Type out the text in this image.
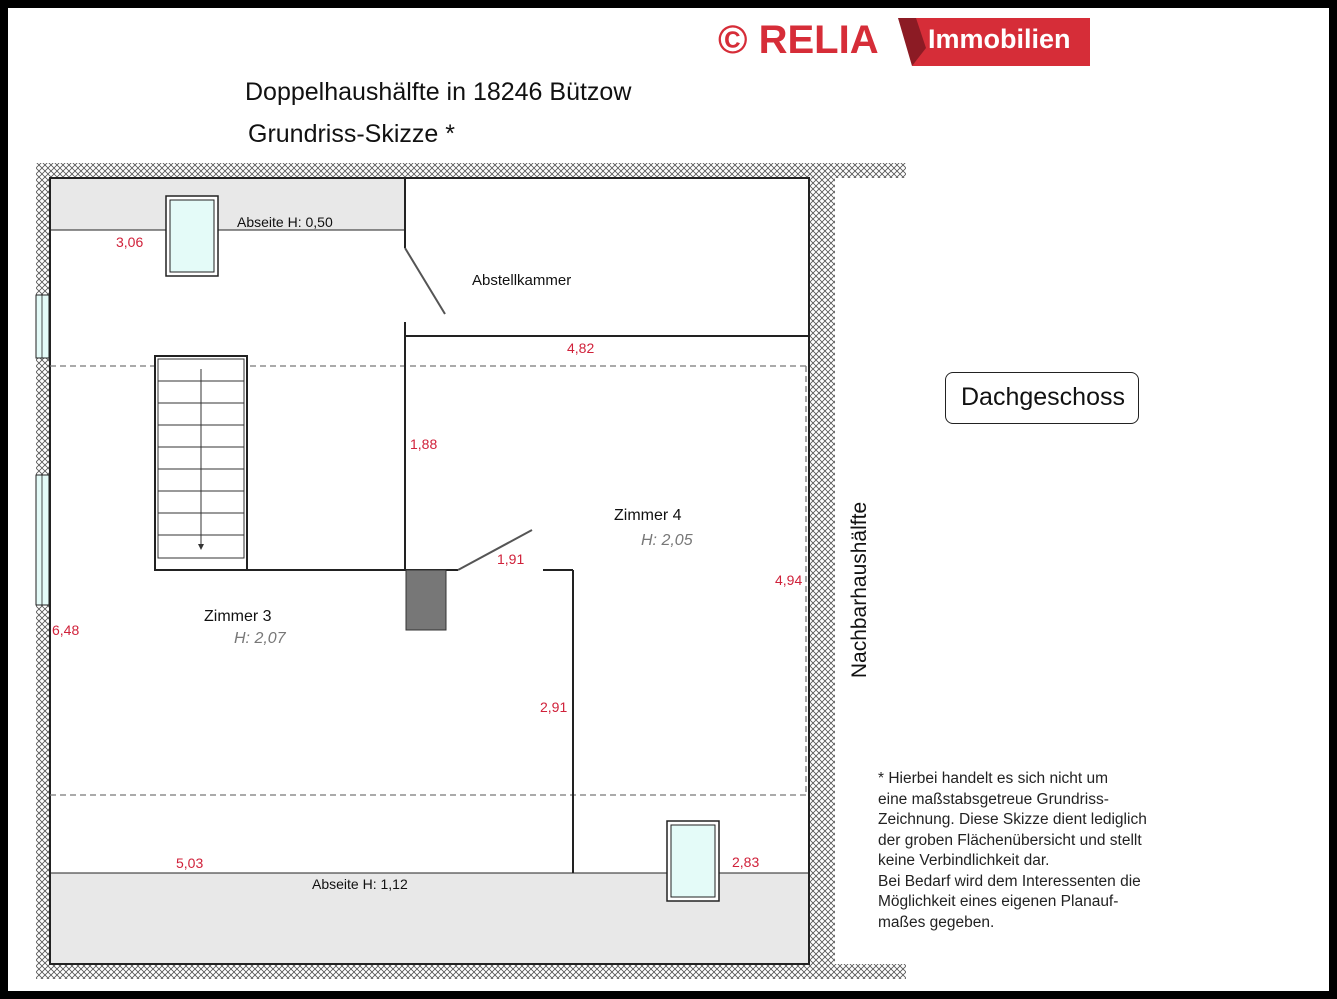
© RELIA Immobilien
Doppelhaushälfte in 18246 Bützow
Grundriss-Skizze *
Abseite H: 0,50
Abstellkammer
Zimmer 4
H: 2,05
Zimmer 3
H: 2,07
Abseite H: 1,12
3,06
4,82
1,88
1,91
4,94
6,48
2,91
5,03	2,83
Nachbarhaushälfte
Dachgeschoss
* Hierbei handelt es sich nicht um
eine maßstabsgetreue Grundriss-
Zeichnung. Diese Skizze dient lediglich
der groben Flächenübersicht und stellt
keine Verbindlichkeit dar.
Bei Bedarf wird dem Interessenten die
Möglichkeit eines eigenen Planauf-
maßes gegeben.
